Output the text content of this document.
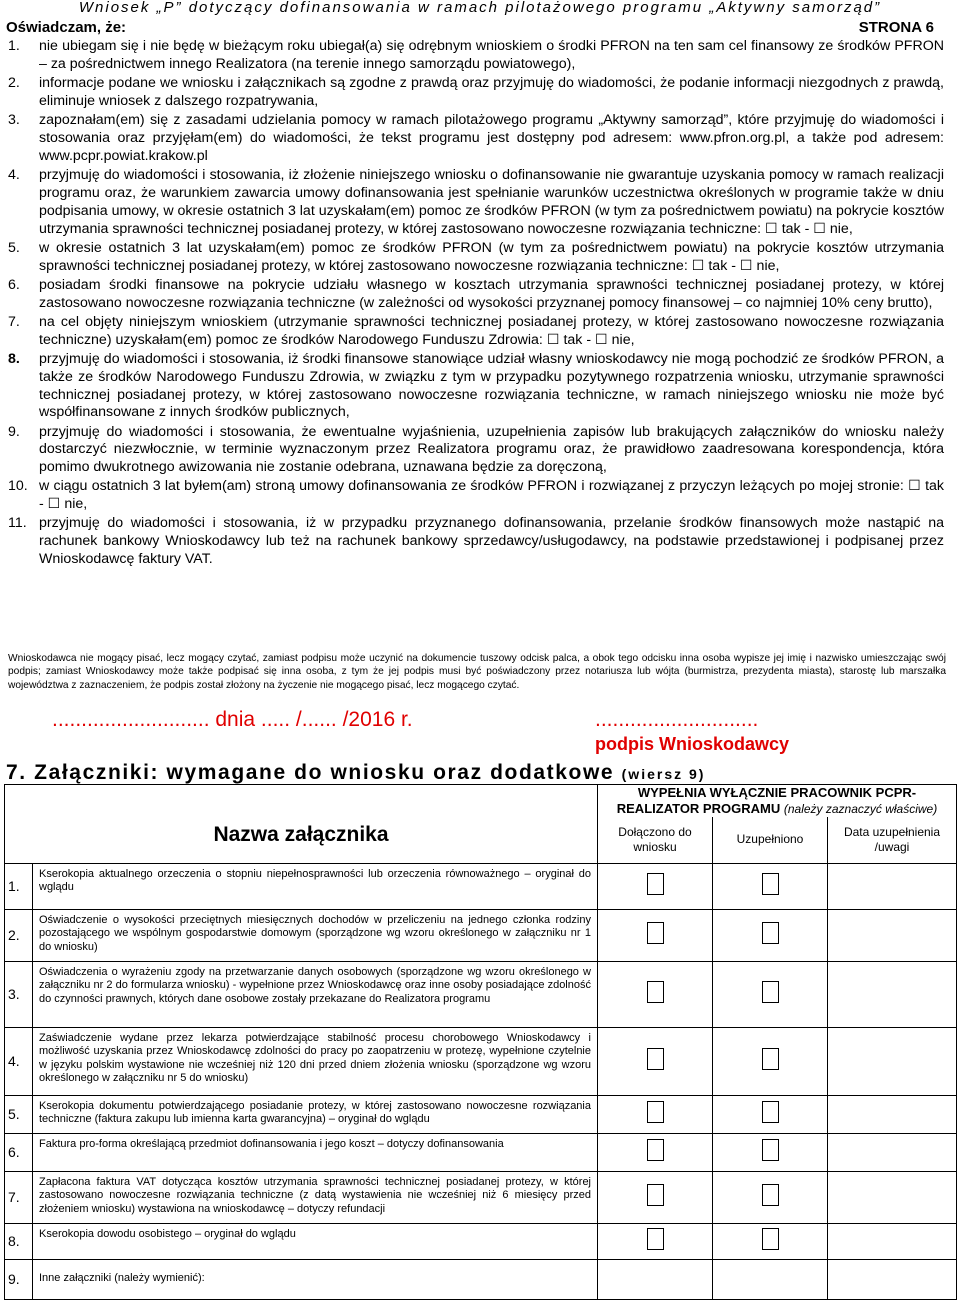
Wniosek „P” dotyczący dofinansowania w ramach pilotażowego programu „Aktywny samorząd”
Oświadczam, że:	STRONA 6
1.	nie ubiegam się i nie będę w bieżącym roku ubiegał(a) się odrębnym wnioskiem o środki PFRON na ten sam cel finansowy ze środków PFRON – za pośrednictwem innego Realizatora (na terenie innego samorządu powiatowego),
2.	informacje podane we wniosku i załącznikach są zgodne z prawdą oraz przyjmuję do wiadomości, że podanie informacji niezgodnych z prawdą, eliminuje wniosek z dalszego rozpatrywania,
3.	zapoznałam(em) się z zasadami udzielania pomocy w ramach pilotażowego programu „Aktywny samorząd”, które przyjmuję do wiadomości i stosowania oraz przyjęłam(em) do wiadomości, że tekst programu jest dostępny pod adresem: www.pfron.org.pl, a także pod adresem: www.pcpr.powiat.krakow.pl
4.	przyjmuję do wiadomości i stosowania, iż złożenie niniejszego wniosku o dofinansowanie nie gwarantuje uzyskania pomocy w ramach realizacji programu oraz, że warunkiem zawarcia umowy dofinansowania jest spełnianie warunków uczestnictwa określonych w programie także w dniu podpisania umowy, w okresie ostatnich 3 lat uzyskałam(em) pomoc ze środków PFRON (w tym za pośrednictwem powiatu) na pokrycie kosztów utrzymania sprawności technicznej posiadanej protezy, w której zastosowano nowoczesne rozwiązania techniczne: ☐ tak - ☐ nie,
5.	w okresie ostatnich 3 lat uzyskałam(em) pomoc ze środków PFRON (w tym za pośrednictwem powiatu) na pokrycie kosztów utrzymania sprawności technicznej posiadanej protezy, w której zastosowano nowoczesne rozwiązania techniczne: ☐ tak - ☐ nie,
6.	posiadam środki finansowe na pokrycie udziału własnego w kosztach utrzymania sprawności technicznej posiadanej protezy, w której zastosowano nowoczesne rozwiązania techniczne (w zależności od wysokości przyznanej pomocy finansowej – co najmniej 10% ceny brutto),
7.	na cel objęty niniejszym wnioskiem (utrzymanie sprawności technicznej posiadanej protezy, w której zastosowano nowoczesne rozwiązania techniczne) uzyskałam(em) pomoc ze środków Narodowego Funduszu Zdrowia: ☐ tak - ☐ nie,
8.	przyjmuję do wiadomości i stosowania, iż środki finansowe stanowiące udział własny wnioskodawcy nie mogą pochodzić ze środków PFRON, a także ze środków Narodowego Funduszu Zdrowia, w związku z tym w przypadku pozytywnego rozpatrzenia wniosku, utrzymanie sprawności technicznej posiadanej protezy, w której zastosowano nowoczesne rozwiązania techniczne, w ramach niniejszego wniosku nie może być współfinansowane z innych środków publicznych,
9.	przyjmuję do wiadomości i stosowania, że ewentualne wyjaśnienia, uzupełnienia zapisów lub brakujących załączników do wniosku należy dostarczyć niezwłocznie, w terminie wyznaczonym przez Realizatora programu oraz, że prawidłowo zaadresowana korespondencja, która pomimo dwukrotnego awizowania nie zostanie odebrana, uznawana będzie za doręczoną,
10. w ciągu ostatnich 3 lat byłem(am) stroną umowy dofinansowania ze środków PFRON i rozwiązanej z przyczyn leżących po mojej stronie: ☐ tak - ☐ nie,
11. przyjmuję do wiadomości i stosowania, iż w przypadku przyznanego dofinansowania, przelanie środków finansowych może nastąpić na rachunek bankowy Wnioskodawcy lub też na rachunek bankowy sprzedawcy/usługodawcy, na podstawie przedstawionej i podpisanej przez Wnioskodawcę faktury VAT.
Wnioskodawca nie mogący pisać, lecz mogący czytać, zamiast podpisu może uczynić na dokumencie tuszowy odcisk palca, a obok tego odcisku inna osoba wypisze jej imię i nazwisko umieszczając swój podpis; zamiast Wnioskodawcy może także podpisać się inna osoba, z tym że jej podpis musi być poświadczony przez notariusza lub wójta (burmistrza, prezydenta miasta), starostę lub marszałka województwa z zaznaczeniem, że podpis został złożony na życzenie nie mogącego pisać, lecz mogącego czytać.
........................... dnia ..... /...... /2016 r.	............................
podpis Wnioskodawcy
7. Załączniki: wymagane do wniosku oraz dodatkowe (wiersz 9)
Nazwa załącznika		WYPEŁNIA WYŁĄCZNIE PRACOWNIK PCPR-REALIZATOR PROGRAMU (należy zaznaczyć właściwe)		
		Dołączono do wniosku	Uzupełniono	Data uzupełnienia /uwagi
1.	Kserokopia aktualnego orzeczenia o stopniu niepełnosprawności lub orzeczenia równoważnego – oryginał do wglądu			
2.	Oświadczenie o wysokości przeciętnych miesięcznych dochodów w przeliczeniu na jednego członka rodziny pozostającego we wspólnym gospodarstwie domowym (sporządzone wg wzoru określonego w załączniku nr 1 do wniosku)			
3.	Oświadczenia o wyrażeniu zgody na przetwarzanie danych osobowych (sporządzone wg wzoru określonego w załączniku nr 2 do formularza wniosku) - wypełnione przez Wnioskodawcę oraz inne osoby posiadające zdolność do czynności prawnych, których dane osobowe zostały przekazane do Realizatora programu			
4.	Zaświadczenie wydane przez lekarza potwierdzające stabilność procesu chorobowego Wnioskodawcy i możliwość uzyskania przez Wnioskodawcę zdolności do pracy po zaopatrzeniu w protezę, wypełnione czytelnie w języku polskim wystawione nie wcześniej niż 120 dni przed dniem złożenia wniosku (sporządzone wg wzoru określonego w załączniku nr 5 do wniosku)			
5.	Kserokopia dokumentu potwierdzającego posiadanie protezy, w której zastosowano nowoczesne rozwiązania techniczne (faktura zakupu lub imienna karta gwarancyjna) – oryginał do wglądu			
6.	Faktura pro-forma określającą przedmiot dofinansowania i jego koszt – dotyczy dofinansowania			
7.	Zapłacona faktura VAT dotycząca kosztów utrzymania sprawności technicznej posiadanej protezy, w której zastosowano nowoczesne rozwiązania techniczne (z datą wystawienia nie wcześniej niż 6 miesięcy przed złożeniem wniosku) wystawiona na wnioskodawcę – dotyczy refundacji			
8.	Kserokopia dowodu osobistego – oryginał do wglądu			
9.	Inne załączniki (należy wymienić):			
